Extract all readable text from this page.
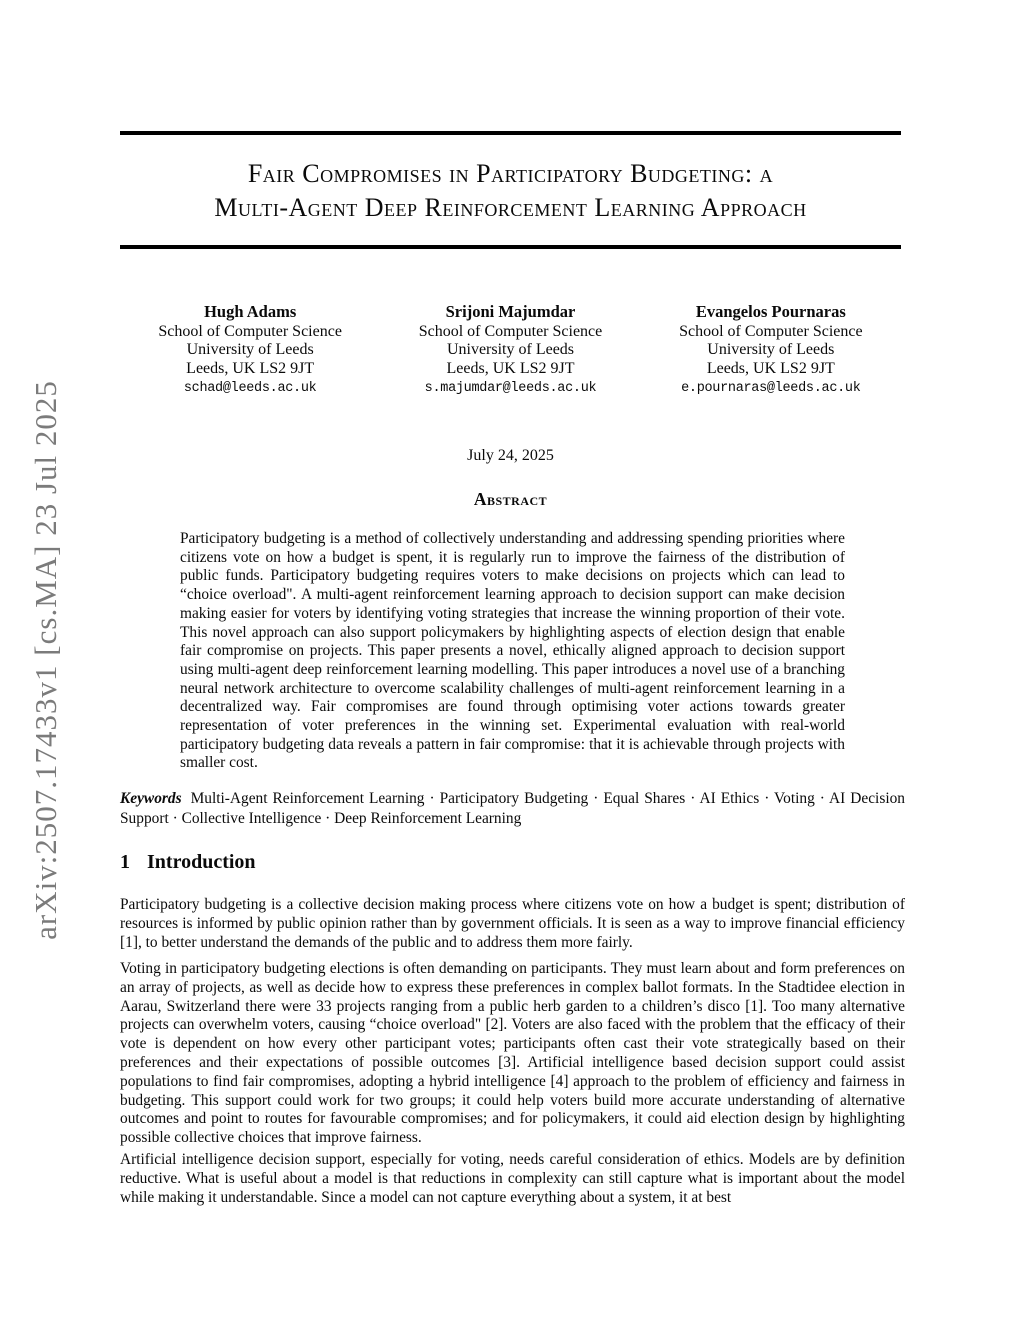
arXiv:2507.17433v1 [cs.MA] 23 Jul 2025
Fair Compromises in Participatory Budgeting: a
Multi-Agent Deep Reinforcement Learning Approach
Hugh Adams
School of Computer Science
University of Leeds
Leeds, UK LS2 9JT
schad@leeds.ac.uk
Srijoni Majumdar
School of Computer Science
University of Leeds
Leeds, UK LS2 9JT
s.majumdar@leeds.ac.uk
Evangelos Pournaras
School of Computer Science
University of Leeds
Leeds, UK LS2 9JT
e.pournaras@leeds.ac.uk
July 24, 2025
Abstract
Participatory budgeting is a method of collectively understanding and addressing spending priorities where citizens vote on how a budget is spent, it is regularly run to improve the fairness of the distribution of public funds. Participatory budgeting requires voters to make decisions on projects which can lead to “choice overload". A multi-agent reinforcement learning approach to decision support can make decision making easier for voters by identifying voting strategies that increase the winning proportion of their vote. This novel approach can also support policymakers by highlighting aspects of election design that enable fair compromise on projects. This paper presents a novel, ethically aligned approach to decision support using multi-agent deep reinforcement learning modelling. This paper introduces a novel use of a branching neural network architecture to overcome scalability challenges of multi-agent reinforcement learning in a decentralized way. Fair compromises are found through optimising voter actions towards greater representation of voter preferences in the winning set. Experimental evaluation with real-world participatory budgeting data reveals a pattern in fair compromise: that it is achievable through projects with smaller cost.
Keywords Multi-Agent Reinforcement Learning · Participatory Budgeting · Equal Shares · AI Ethics · Voting · AI Decision Support · Collective Intelligence · Deep Reinforcement Learning
1 Introduction
Participatory budgeting is a collective decision making process where citizens vote on how a budget is spent; distribution of resources is informed by public opinion rather than by government officials. It is seen as a way to improve financial efficiency [1], to better understand the demands of the public and to address them more fairly.
Voting in participatory budgeting elections is often demanding on participants. They must learn about and form preferences on an array of projects, as well as decide how to express these preferences in complex ballot formats. In the Stadtidee election in Aarau, Switzerland there were 33 projects ranging from a public herb garden to a children’s disco [1]. Too many alternative projects can overwhelm voters, causing “choice overload" [2]. Voters are also faced with the problem that the efficacy of their vote is dependent on how every other participant votes; participants often cast their vote strategically based on their preferences and their expectations of possible outcomes [3]. Artificial intelligence based decision support could assist populations to find fair compromises, adopting a hybrid intelligence [4] approach to the problem of efficiency and fairness in budgeting. This support could work for two groups; it could help voters build more accurate understanding of alternative outcomes and point to routes for favourable compromises; and for policymakers, it could aid election design by highlighting possible collective choices that improve fairness.
Artificial intelligence decision support, especially for voting, needs careful consideration of ethics. Models are by definition reductive. What is useful about a model is that reductions in complexity can still capture what is important about the model while making it understandable. Since a model can not capture everything about a system, it at best
